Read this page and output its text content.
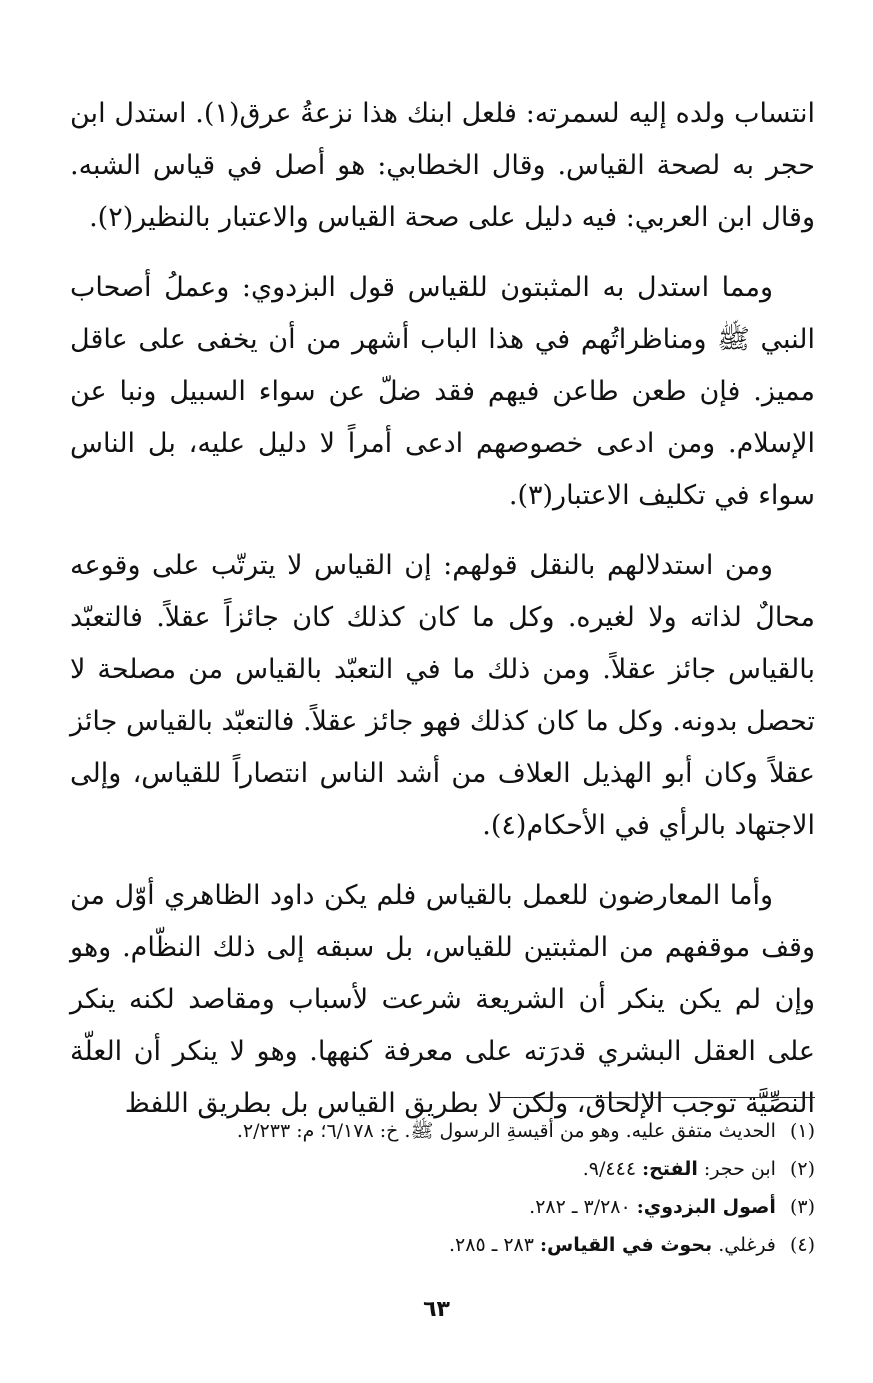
انتساب ولده إليه لسمرته: فلعل ابنك هذا نزعةُ عرق(١). استدل ابن حجر به لصحة القياس. وقال الخطابي: هو أصل في قياس الشبه. وقال ابن العربي: فيه دليل على صحة القياس والاعتبار بالنظير(٢).

ومما استدل به المثبتون للقياس قول البزدوي: وعملُ أصحاب النبي ﷺ ومناظراتُهم في هذا الباب أشهر من أن يخفى على عاقل مميز. فإن طعن طاعن فيهم فقد ضلّ عن سواء السبيل ونبا عن الإسلام. ومن ادعى خصوصهم ادعى أمراً لا دليل عليه، بل الناس سواء في تكليف الاعتبار(٣).

ومن استدلالهم بالنقل قولهم: إن القياس لا يترتّب على وقوعه محالٌ لذاته ولا لغيره. وكل ما كان كذلك كان جائزاً عقلاً. فالتعبّد بالقياس جائز عقلاً. ومن ذلك ما في التعبّد بالقياس من مصلحة لا تحصل بدونه. وكل ما كان كذلك فهو جائز عقلاً. فالتعبّد بالقياس جائز عقلاً وكان أبو الهذيل العلاف من أشد الناس انتصاراً للقياس، وإلى الاجتهاد بالرأي في الأحكام(٤).

وأما المعارضون للعمل بالقياس فلم يكن داود الظاهري أوّل من وقف موقفهم من المثبتين للقياس، بل سبقه إلى ذلك النظّام. وهو وإن لم يكن ينكر أن الشريعة شرعت لأسباب ومقاصد لكنه ينكر على العقل البشري قدرَته على معرفة كنهها. وهو لا ينكر أن العلّة النصِّيَّة توجب الإلحاق، ولكن لا بطريق القياس بل بطريق اللفظ

(١) الحديث متفق عليه. وهو من أقيسةِ الرسول ﷺ. خ: ٦/١٧٨؛ م: ٢/٢٣٣.

(٢) ابن حجر: الفتح: ٩/٤٤٤.

(٣) أصول البزدوي: ٣/٢٨٠ ـ ٢٨٢.

(٤) فرغلي. بحوث في القياس: ٢٨٣ ـ ٢٨٥.

٦٣
